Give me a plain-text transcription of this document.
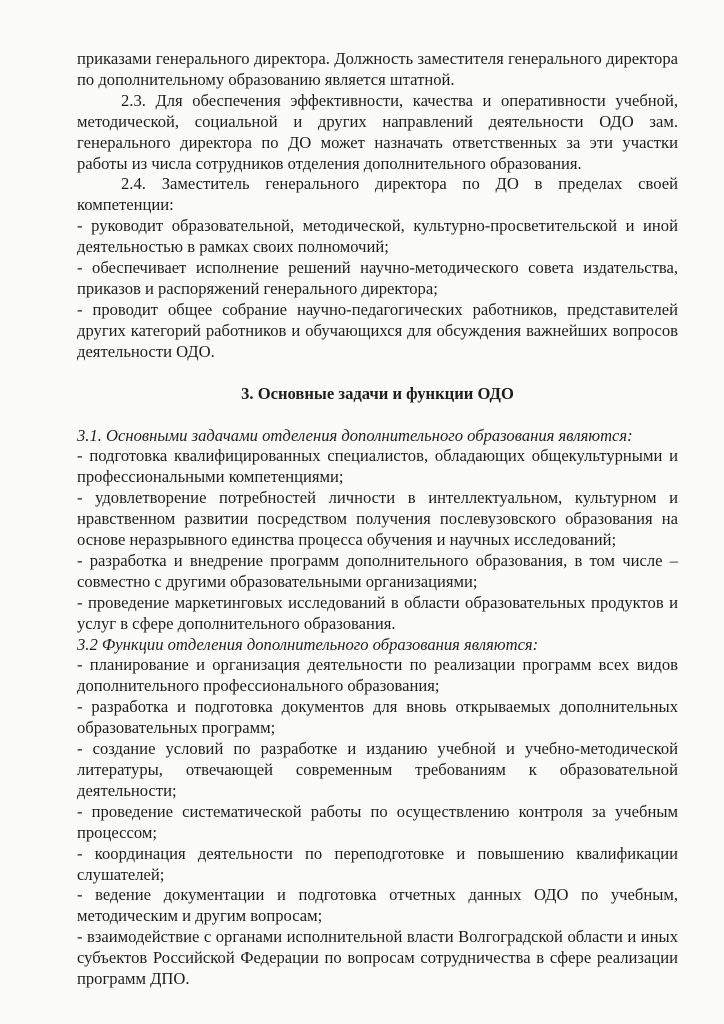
приказами генерального директора. Должность заместителя генерального директора по дополнительному образованию является штатной.

2.3. Для обеспечения эффективности, качества и оперативности учебной, методической, социальной и других направлений деятельности ОДО зам. генерального директора по ДО может назначать ответственных за эти участки работы из числа сотрудников отделения дополнительного образования.

2.4. Заместитель генерального директора по ДО в пределах своей компетенции:

- руководит образовательной, методической, культурно-просветительской и иной деятельностью в рамках своих полномочий;

- обеспечивает исполнение решений научно-методического совета издательства, приказов и распоряжений генерального директора;

- проводит общее собрание научно-педагогических работников, представителей других категорий работников и обучающихся для обсуждения важнейших вопросов деятельности ОДО.

3. Основные задачи и функции ОДО

3.1. Основными задачами отделения дополнительного образования являются:

- подготовка квалифицированных специалистов, обладающих общекультурными и профессиональными компетенциями;

- удовлетворение потребностей личности в интеллектуальном, культурном и нравственном развитии посредством получения послевузовского образования на основе неразрывного единства процесса обучения и научных исследований;

- разработка и внедрение программ дополнительного образования, в том числе – совместно с другими образовательными организациями;

- проведение маркетинговых исследований в области образовательных продуктов и услуг в сфере дополнительного образования.

3.2 Функции отделения дополнительного образования являются:

- планирование и организация деятельности по реализации программ всех видов дополнительного профессионального образования;

- разработка и подготовка документов для вновь открываемых дополнительных образовательных программ;

- создание условий по разработке и изданию учебной и учебно-методической литературы, отвечающей современным требованиям к образовательной деятельности;

- проведение систематической работы по осуществлению контроля за учебным процессом;

- координация деятельности по переподготовке и повышению квалификации слушателей;

- ведение документации и подготовка отчетных данных ОДО по учебным, методическим и другим вопросам;

- взаимодействие с органами исполнительной власти Волгоградской области и иных субъектов Российской Федерации по вопросам сотрудничества в сфере реализации программ ДПО.
